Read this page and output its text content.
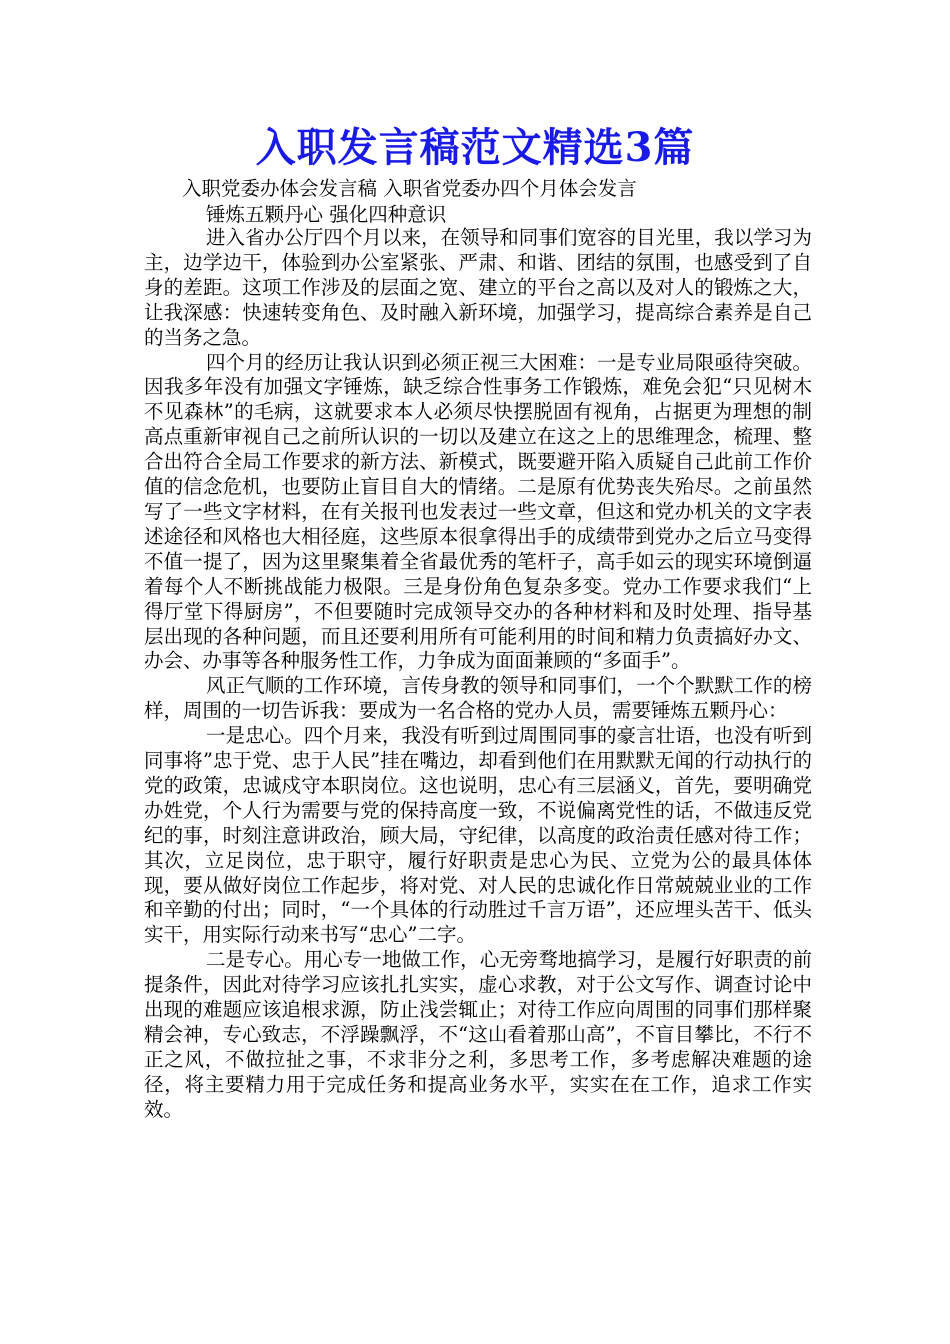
入职发言稿范文精选3篇

入职党委办体会发言稿 入职省党委办四个月体会发言

锤炼五颗丹心 强化四种意识

进入省办公厅四个月以来，在领导和同事们宽容的目光里，我以学习为主，边学边干，体验到办公室紧张、严肃、和谐、团结的氛围，也感受到了自身的差距。这项工作涉及的层面之宽、建立的平台之高以及对人的锻炼之大，让我深感：快速转变角色、及时融入新环境，加强学习，提高综合素养是自己的当务之急。

四个月的经历让我认识到必须正视三大困难：一是专业局限亟待突破。因我多年没有加强文字锤炼，缺乏综合性事务工作锻炼，难免会犯“只见树木不见森林”的毛病，这就要求本人必须尽快摆脱固有视角，占据更为理想的制高点重新审视自己之前所认识的一切以及建立在这之上的思维理念，梳理、整合出符合全局工作要求的新方法、新模式，既要避开陷入质疑自己此前工作价值的信念危机，也要防止盲目自大的情绪。二是原有优势丧失殆尽。之前虽然写了一些文字材料，在有关报刊也发表过一些文章，但这和党办机关的文字表述途径和风格也大相径庭，这些原本很拿得出手的成绩带到党办之后立马变得不值一提了，因为这里聚集着全省最优秀的笔杆子，高手如云的现实环境倒逼着每个人不断挑战能力极限。三是身份角色复杂多变。党办工作要求我们“上得厅堂下得厨房”，不但要随时完成领导交办的各种材料和及时处理、指导基层出现的各种问题，而且还要利用所有可能利用的时间和精力负责搞好办文、办会、办事等各种服务性工作，力争成为面面兼顾的“多面手”。

风正气顺的工作环境，言传身教的领导和同事们，一个个默默工作的榜样，周围的一切告诉我：要成为一名合格的党办人员，需要锤炼五颗丹心：

一是忠心。四个月来，我没有听到过周围同事的豪言壮语，也没有听到同事将”忠于党、忠于人民”挂在嘴边，却看到他们在用默默无闻的行动执行的党的政策，忠诚戍守本职岗位。这也说明，忠心有三层涵义，首先，要明确党办姓党，个人行为需要与党的保持高度一致，不说偏离党性的话，不做违反党纪的事，时刻注意讲政治，顾大局，守纪律，以高度的政治责任感对待工作；其次，立足岗位，忠于职守，履行好职责是忠心为民、立党为公的最具体体现，要从做好岗位工作起步，将对党、对人民的忠诚化作日常兢兢业业的工作和辛勤的付出；同时，“一个具体的行动胜过千言万语”，还应埋头苦干、低头实干，用实际行动来书写“忠心”二字。

二是专心。用心专一地做工作，心无旁骛地搞学习，是履行好职责的前提条件，因此对待学习应该扎扎实实，虚心求教，对于公文写作、调查讨论中出现的难题应该追根求源，防止浅尝辄止；对待工作应向周围的同事们那样聚精会神，专心致志，不浮躁飘浮，不“这山看着那山高”，不盲目攀比，不行不正之风，不做拉扯之事，不求非分之利，多思考工作，多考虑解决难题的途径，将主要精力用于完成任务和提高业务水平，实实在在工作，追求工作实效。
